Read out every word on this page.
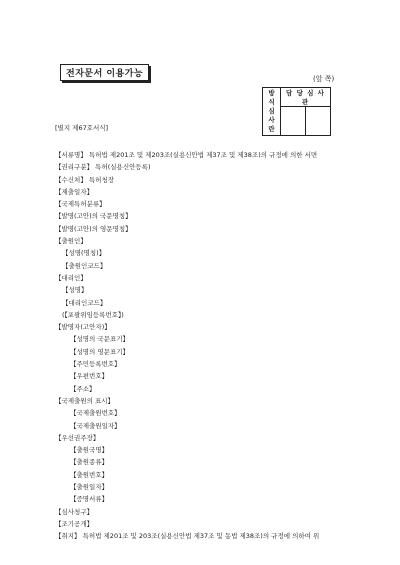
전자문서 이용가능	(앞 쪽)
방
식
심
사
란	담 당 심 사 관	

[별지 제67호서식]
【서류명】 특허법 제201조 및 제203조(실용신안법 제37조 및 제38조)의 규정에 의한 서면
【권리구분】 특허(실용신안등록)
【수신처】 특허청장
【제출일자】
【국제특허분류】
【발명(고안)의 국문명칭】
【발명(고안)의 영문명칭】
【출원인】
【성명(명칭)】
【출원인코드】
【대리인】
【성명】
【대리인코드】
(【포괄위임등록번호】)
【발명자(고안자)】
【성명의 국문표기】
【성명의 영문표기】
【주민등록번호】
【우편번호】
【주소】
【국제출원의 표시】
【국제출원번호】
【국제출원일자】
【우선권주장】
【출원국명】
【출원종류】
【출원번호】
【출원일자】
【증명서류】
【심사청구】
【조기공개】
【취지】 특허법 제201조 및 203조(실용신안법 제37조 및 동법 제38조)의 규정에 의하여 위
